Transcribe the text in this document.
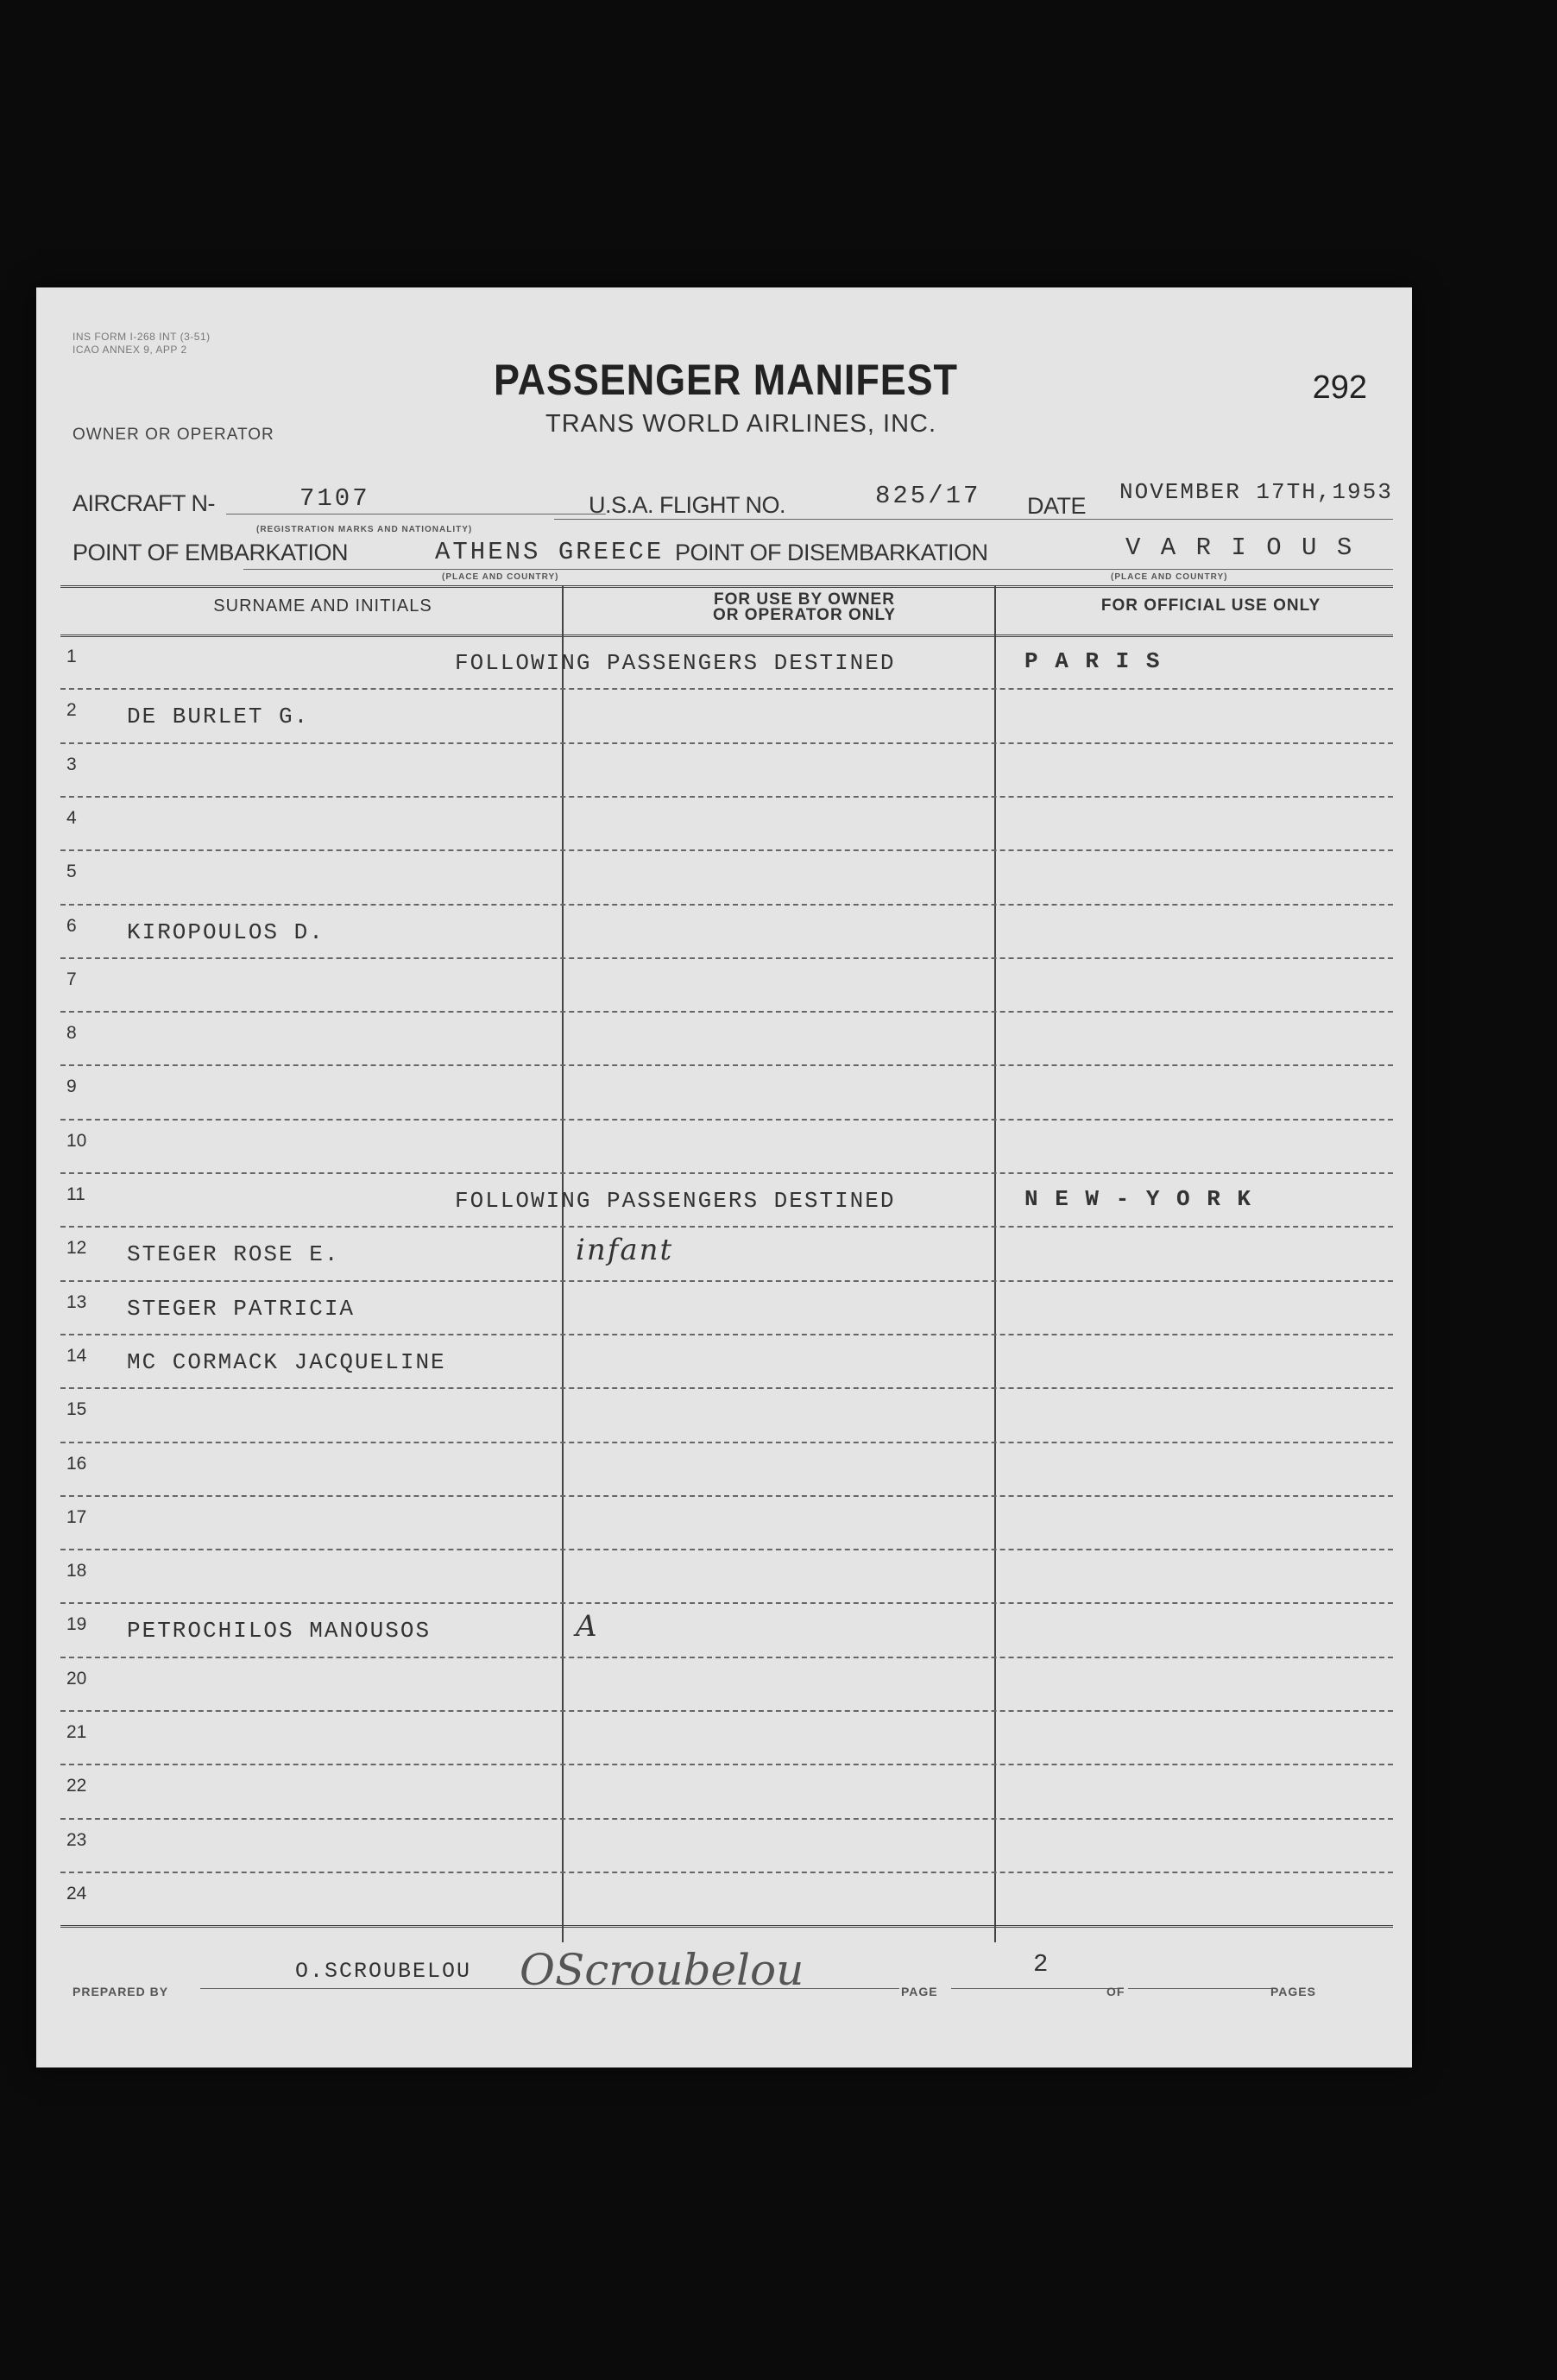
INS FORM I-268 INT (3-51)
ICAO ANNEX 9, APP 2
PASSENGER MANIFEST
TRANS WORLD AIRLINES, INC.
292
OWNER OR OPERATOR
AIRCRAFT N-	7107
(REGISTRATION MARKS AND NATIONALITY)
U.S.A. FLIGHT NO.	825/17 DATE
NOVEMBER 17TH,1953
POINT OF EMBARKATION	ATHENS GREECE
(PLACE AND COUNTRY)
POINT OF DISEMBARKATION	V A R I O U S
(PLACE AND COUNTRY)
SURNAME AND INITIALS	FOR USE BY OWNER OR OPERATOR ONLY
FOR OFFICIAL USE ONLY
1	FOLLOWING PASSENGERS DESTINED	P A R I S
2 DE BURLET G.
3
4
5
6 KIROPOULOS D.
7
8
9
10
11	FOLLOWING PASSENGERS DESTINED	N E W - Y O R K
12 STEGER ROSE E.	infant
13 STEGER PATRICIA
14 MC CORMACK JACQUELINE
15
16
17
18
19 PETROCHILOS MANOUSOS	A
20
21
22
23
24
PREPARED BY
O.SCROUBELOU OScroubelou	PAGE
2
OF	PAGES
